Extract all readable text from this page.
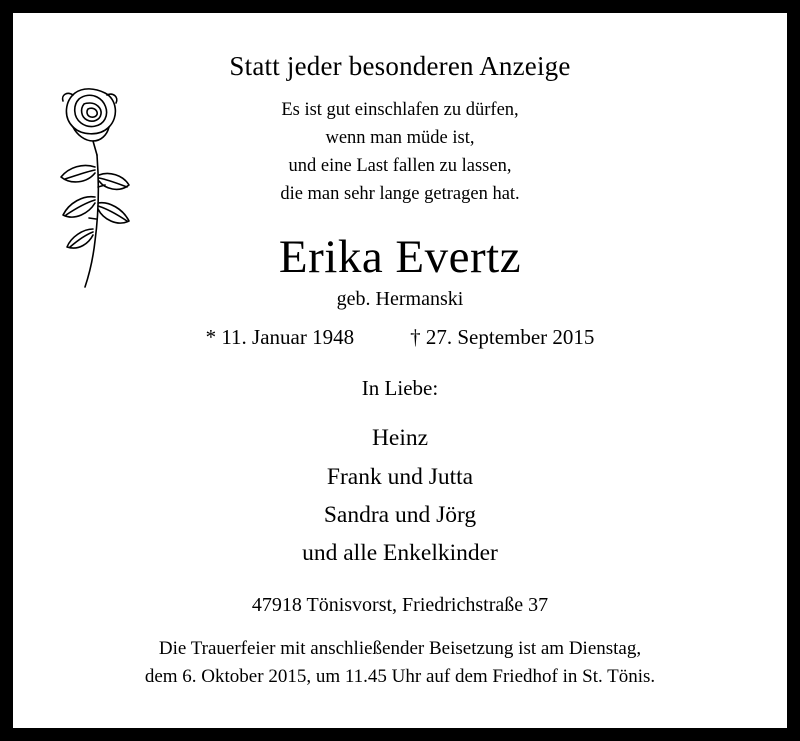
Statt jeder besonderen Anzeige
Es ist gut einschlafen zu dürfen,
wenn man müde ist,
und eine Last fallen zu lassen,
die man sehr lange getragen hat.
Erika Evertz
geb. Hermanski
* 11. Januar 1948	† 27. September 2015
In Liebe:
Heinz
Frank und Jutta
Sandra und Jörg
und alle Enkelkinder
47918 Tönisvorst, Friedrichstraße 37
Die Trauerfeier mit anschließender Beisetzung ist am Dienstag,
dem 6. Oktober 2015, um 11.45 Uhr auf dem Friedhof in St. Tönis.
